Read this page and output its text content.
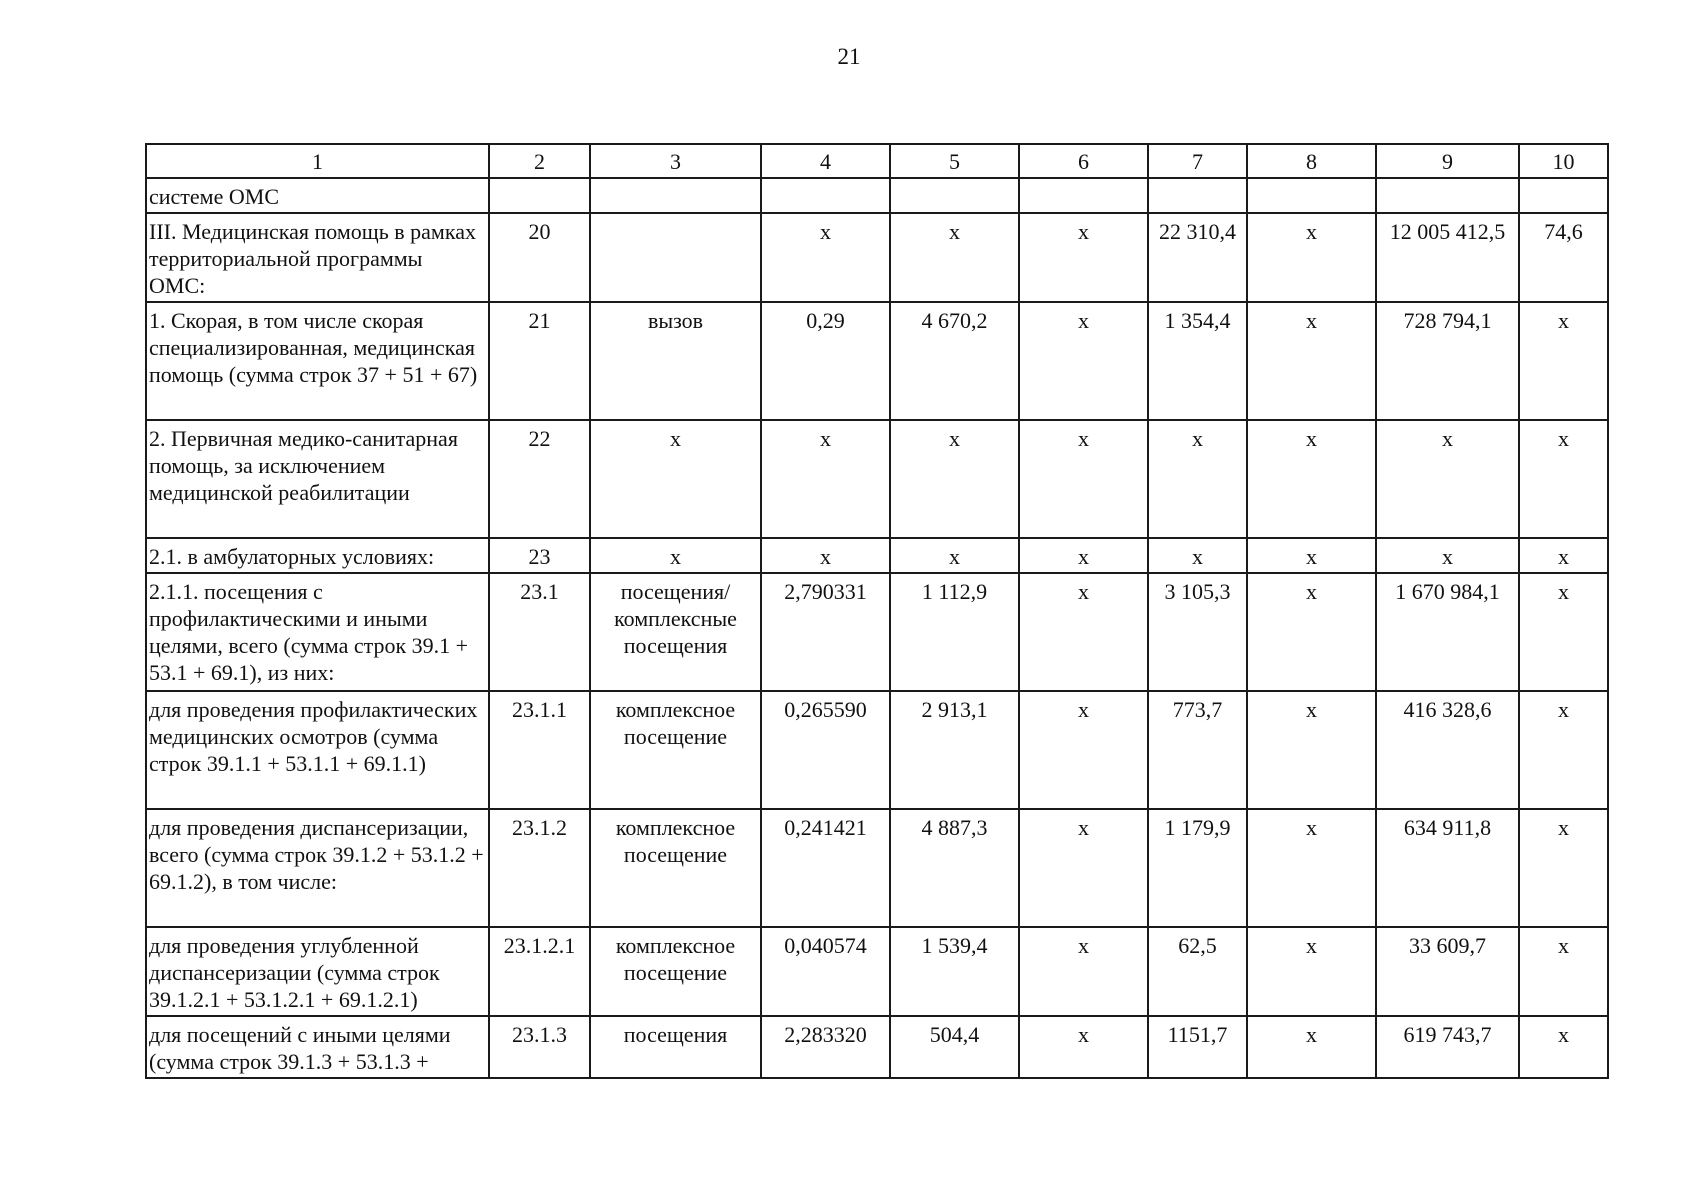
21
1	2	3	4	5	6	7	8	9	10
системе ОМС									
III. Медицинская помощь в рамках территориальной программы ОМС:	20		х	х	х	22 310,4	х	12 005 412,5	74,6
1. Скорая, в том числе скорая специализированная, медицинская помощь (сумма строк 37 + 51 + 67)	21	вызов	0,29	4 670,2	х	1 354,4	х	728 794,1	х
2. Первичная медико-санитарная помощь, за исключением медицинской реабилитации	22	х	х	х	х	х	х	х	х
2.1. в амбулаторных условиях:	23	х	х	х	х	х	х	х	х
2.1.1. посещения с профилактическими и иными целями, всего (сумма строк 39.1 + 53.1 + 69.1), из них:	23.1	посещения/ комплексные посещения	2,790331	1 112,9	х	3 105,3	х	1 670 984,1	х
для проведения профилактических медицинских осмотров (сумма строк 39.1.1 + 53.1.1 + 69.1.1)	23.1.1	комплексное посещение	0,265590	2 913,1	х	773,7	х	416 328,6	х
для проведения диспансеризации, всего (сумма строк 39.1.2 + 53.1.2 + 69.1.2), в том числе:	23.1.2	комплексное посещение	0,241421	4 887,3	х	1 179,9	х	634 911,8	х
для проведения углубленной диспансеризации (сумма строк 39.1.2.1 + 53.1.2.1 + 69.1.2.1)	23.1.2.1	комплексное посещение	0,040574	1 539,4	х	62,5	х	33 609,7	х
для посещений с иными целями (сумма строк 39.1.3 + 53.1.3 +	23.1.3	посещения	2,283320	504,4	х	1151,7	х	619 743,7	х
